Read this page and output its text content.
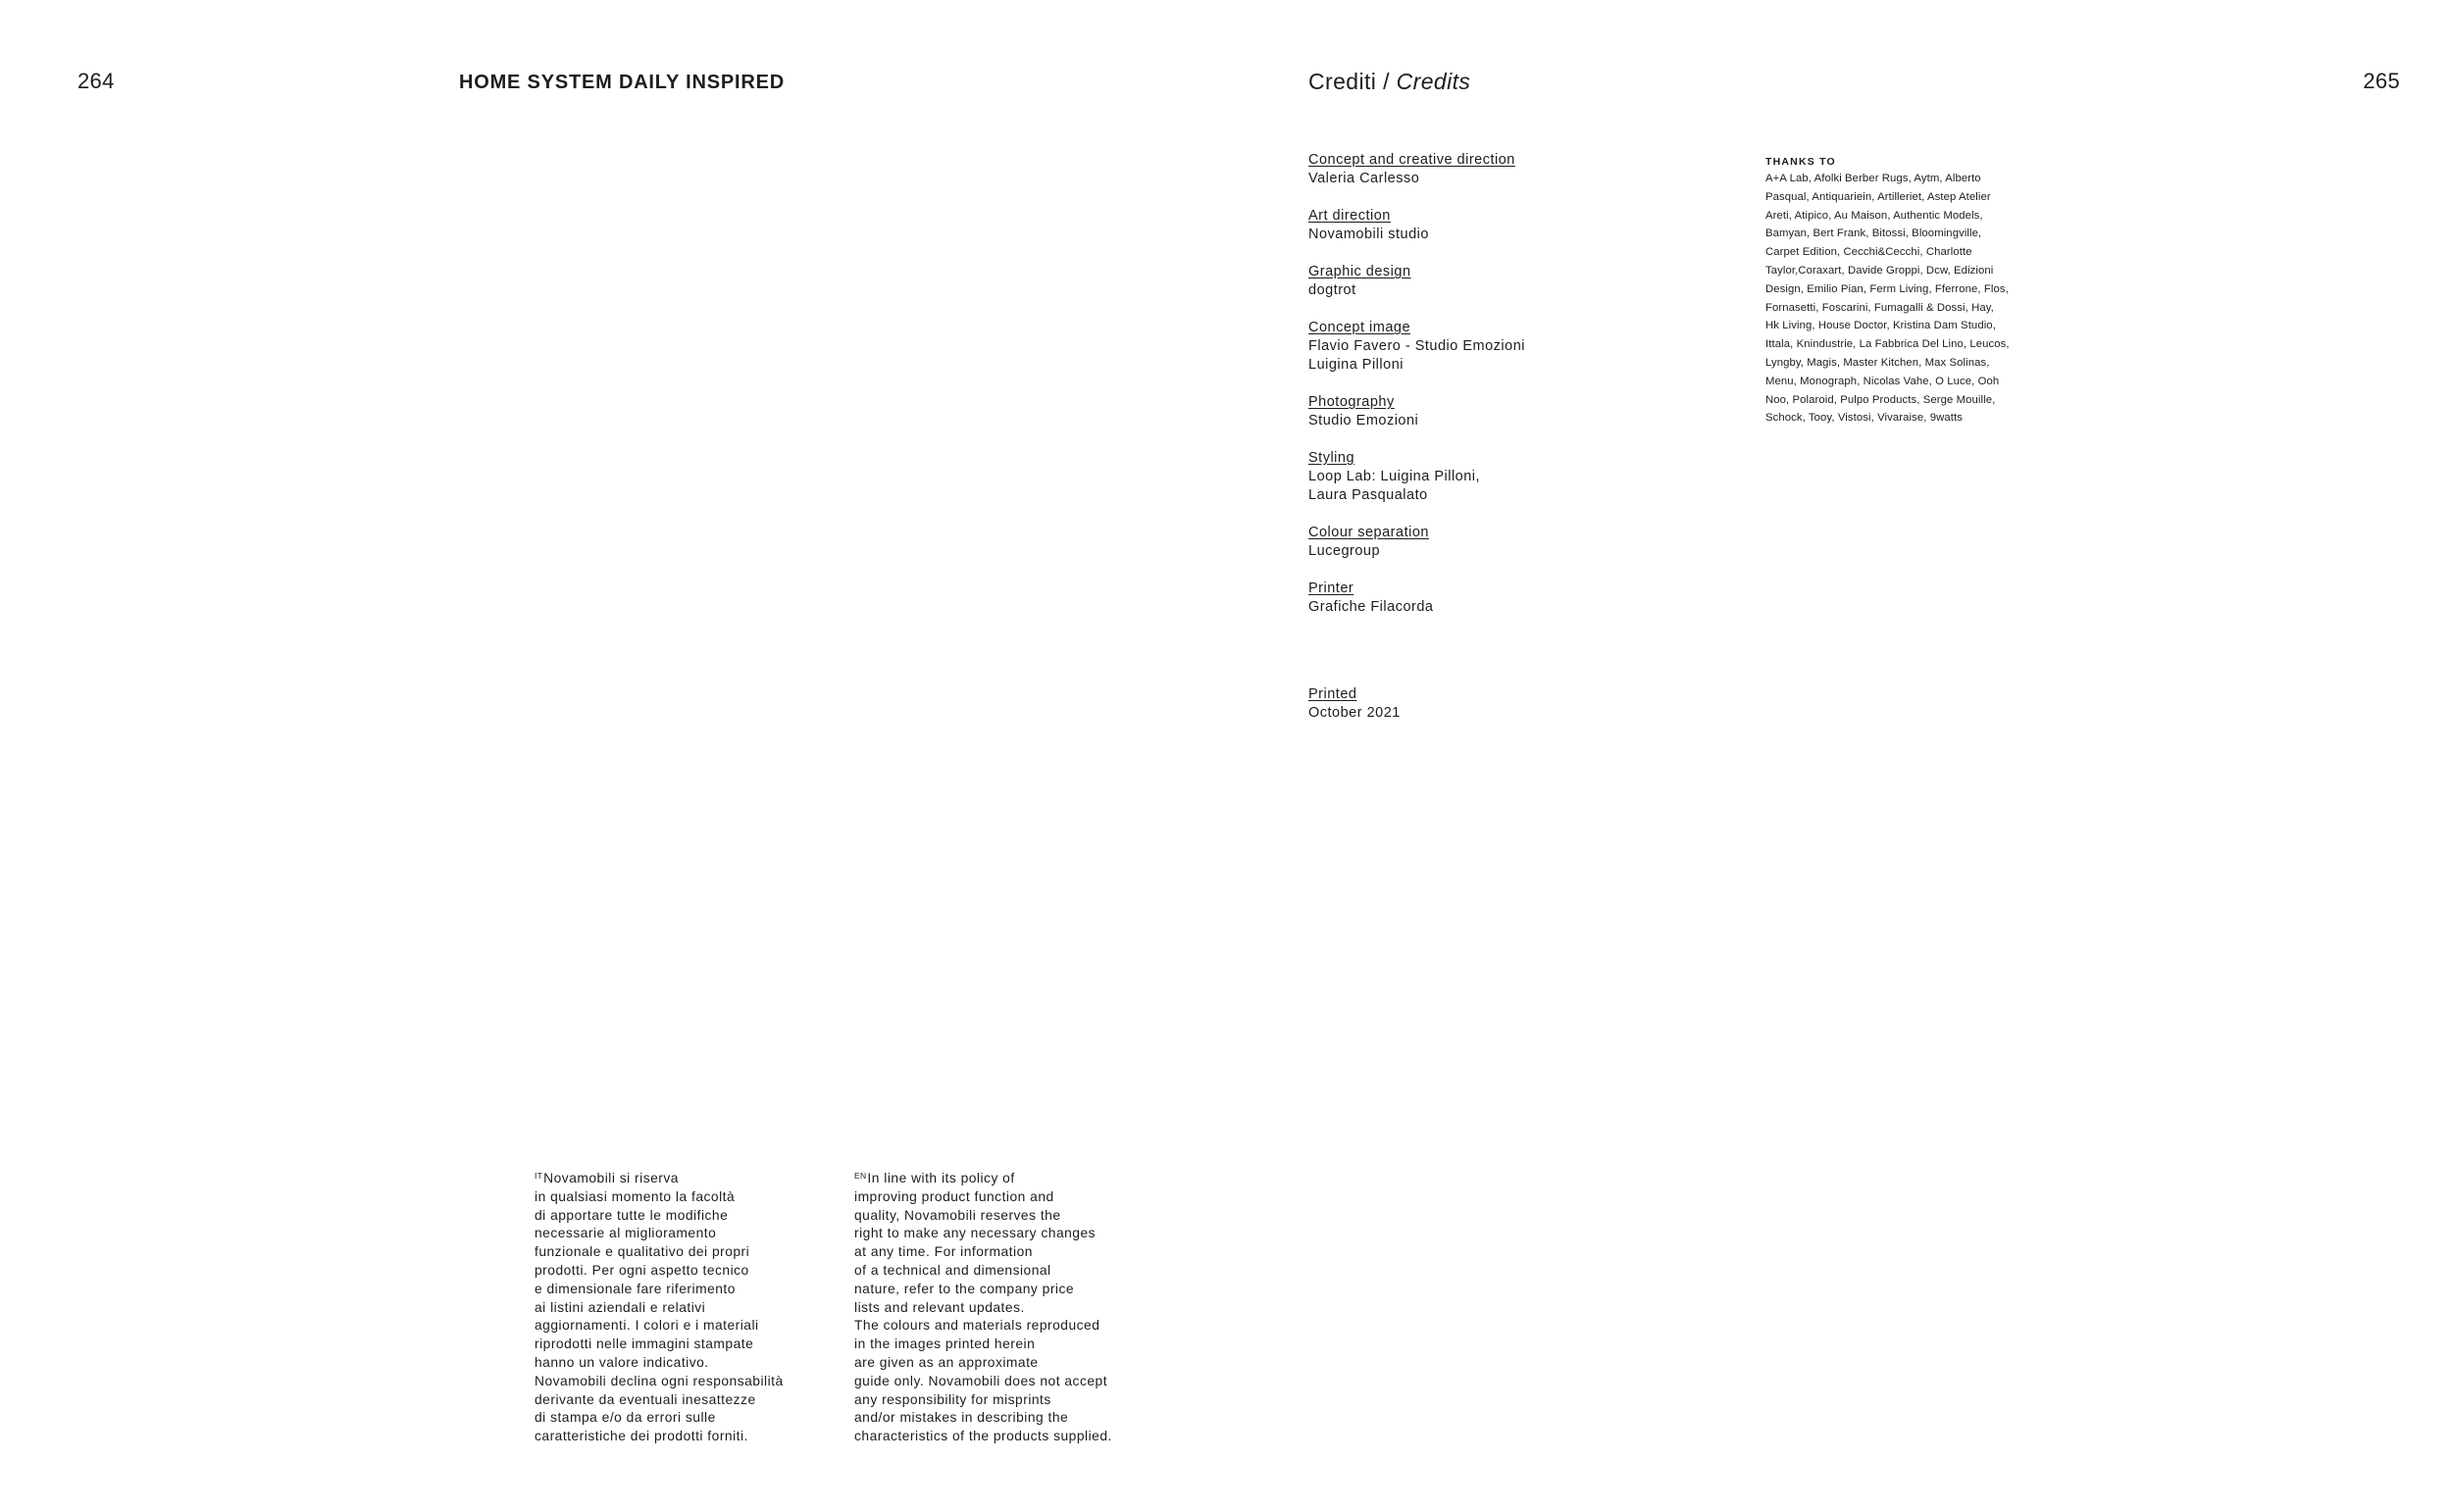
264	HOME SYSTEM DAILY INSPIRED	265
Crediti / Credits
Concept and creative direction
Valeria Carlesso
Art direction
Novamobili studio
Graphic design
dogtrot
Concept image
Flavio Favero - Studio Emozioni
Luigina Pilloni
Photography
Studio Emozioni
Styling
Loop Lab: Luigina Pilloni,
Laura Pasqualato
Colour separation
Lucegroup
Printer
Grafiche Filacorda
Printed
October 2021
THANKS TO
A+A Lab, Afolki Berber Rugs, Aytm, Alberto
Pasqual, Antiquariein, Artilleriet, Astep Atelier
Areti, Atipico, Au Maison, Authentic Models,
Bamyan, Bert Frank, Bitossi, Bloomingville,
Carpet Edition, Cecchi&Cecchi, Charlotte
Taylor,Coraxart, Davide Groppi, Dcw, Edizioni
Design, Emilio Pian, Ferm Living, Fferrone, Flos,
Fornasetti, Foscarini, Fumagalli & Dossi, Hay,
Hk Living, House Doctor, Kristina Dam Studio,
Ittala, Knindustrie, La Fabbrica Del Lino, Leucos,
Lyngby, Magis, Master Kitchen, Max Solinas,
Menu, Monograph, Nicolas Vahe, O Luce, Ooh
Noo, Polaroid, Pulpo Products, Serge Mouille,
Schock, Tooy, Vistosi, Vivaraise, 9watts
$^{IT}$Novamobili si riserva
in qualsiasi momento la facoltà
di apportare tutte le modifiche
necessarie al miglioramento
funzionale e qualitativo dei propri
prodotti. Per ogni aspetto tecnico
e dimensionale fare riferimento
ai listini aziendali e relativi
aggiornamenti. I colori e i materiali
riprodotti nelle immagini stampate
hanno un valore indicativo.
Novamobili declina ogni responsabilità
derivante da eventuali inesattezze
di stampa e/o da errori sulle
caratteristiche dei prodotti forniti.
$^{EN}$In line with its policy of
improving product function and
quality, Novamobili reserves the
right to make any necessary changes
at any time. For information
of a technical and dimensional
nature, refer to the company price
lists and relevant updates.
The colours and materials reproduced
in the images printed herein
are given as an approximate
guide only. Novamobili does not accept
any responsibility for misprints
and/or mistakes in describing the
characteristics of the products supplied.
